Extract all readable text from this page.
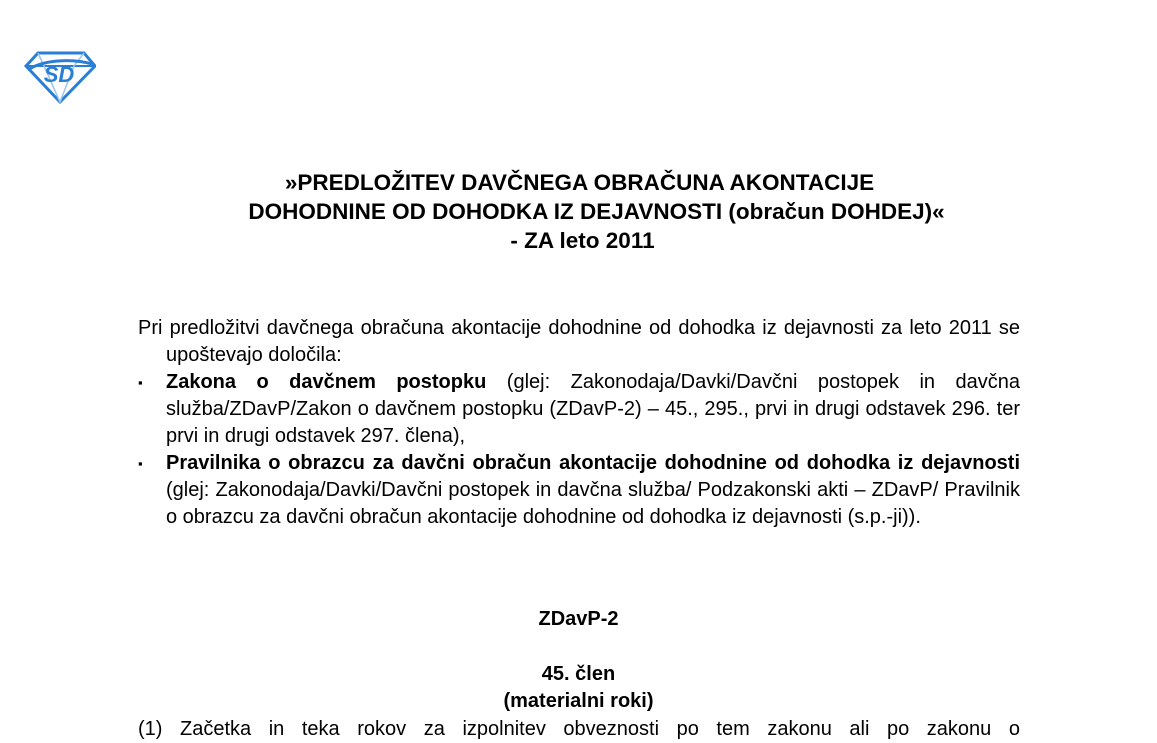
SD
»PREDLOŽITEV DAVČNEGA OBRAČUNA AKONTACIJE
DOHODNINE OD DOHODKA IZ DEJAVNOSTI (obračun DOHDEJ)«
- ZA leto 2011

Pri predložitvi davčnega obračuna akontacije dohodnine od dohodka iz dejavnosti za leto 2011 se upoštevajo določila:

▪ Zakona o davčnem postopku (glej: Zakonodaja/Davki/Davčni postopek in davčna služba/ZDavP/Zakon o davčnem postopku (ZDavP-2) – 45., 295., prvi in drugi odstavek 296. ter prvi in drugi odstavek 297. člena),
▪ Pravilnika o obrazcu za davčni obračun akontacije dohodnine od dohodka iz dejavnosti (glej: Zakonodaja/Davki/Davčni postopek in davčna služba/ Podzakonski akti – ZDavP/ Pravilnik o obrazcu za davčni obračun akontacije dohodnine od dohodka iz dejavnosti (s.p.-ji)).
ZDavP-2
45. člen
(materialni roki)

(1) Začetka in teka rokov za izpolnitev obveznosti po tem zakonu ali po zakonu o
